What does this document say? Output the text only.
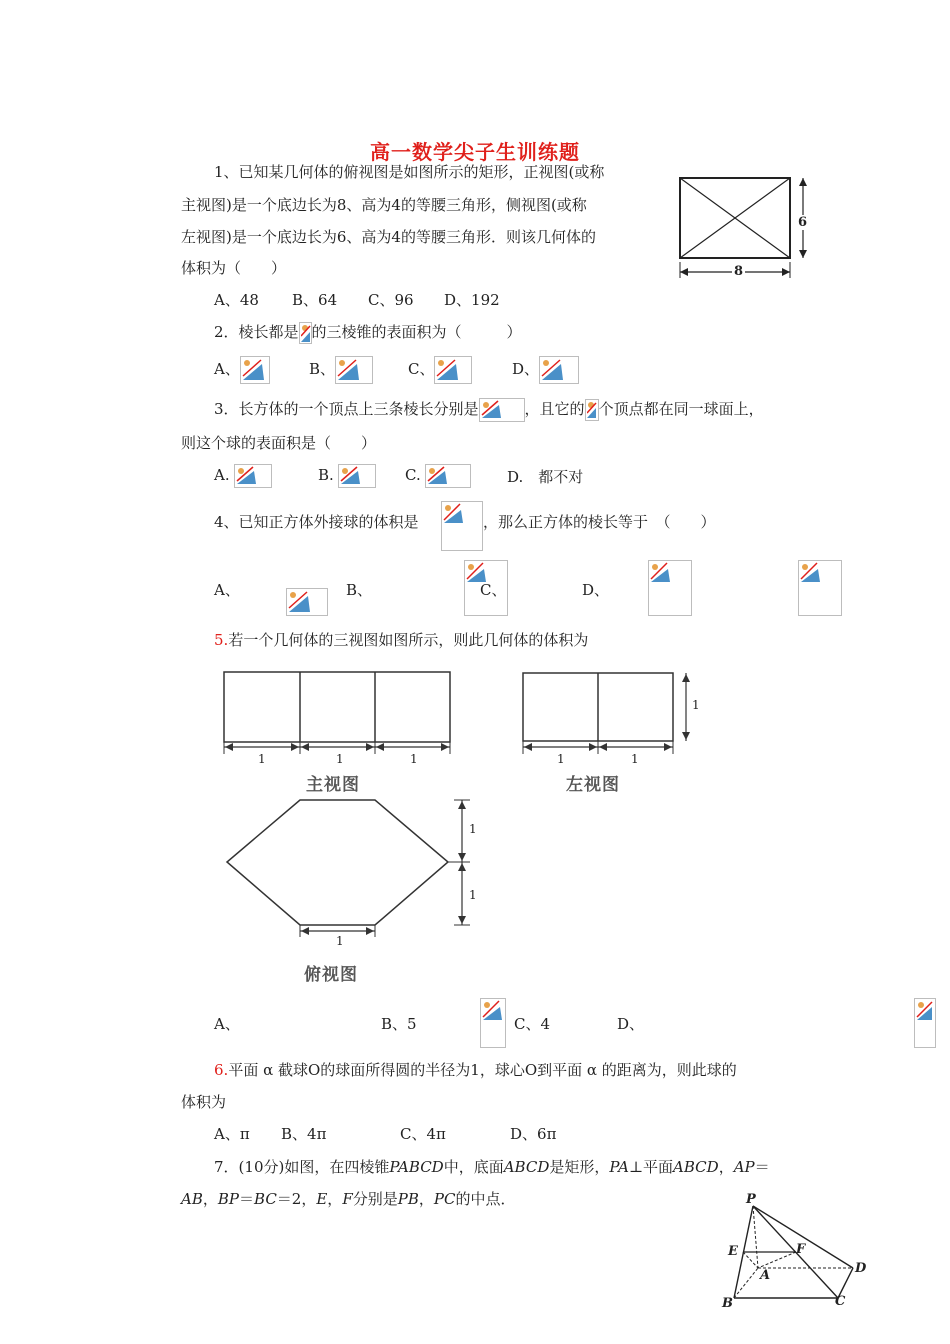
高一数学尖子生训练题
1、已知某几何体的俯视图是如图所示的矩形，正视图(或称
主视图)是一个底边长为8、高为4的等腰三角形，侧视图(或称
左视图)是一个底边长为6、高为4的等腰三角形．则该几何体的
体积为（　　）
A、48 B、64 C、96 D、192
6
8
2．棱长都是 的三棱锥的表面积为（　　　）
A、	B、	C、	D、
3．长方体的一个顶点上三条棱长分别是	，且它的 个顶点都在同一球面上，
则这个球的表面积是（　　）
A.	B.	C.	D.　都不对
4、已知正方体外接球的体积是
	，那么正方体的棱长等于　（　　）
A、
	B、
	C、
	D、

5.若一个几何体的三视图如图所示，则此几何体的体积为
1	1	1
主视图
1	1
1
左视图
1
1
1
俯视图
A、
	B、5	C、4	D、
6.平面 α 截球O的球面所得圆的半径为1，球心O到平面 α 的距离为，则此球的
体积为
A、π B、4π	C、4π	D、6π
7．(10分)如图，在四棱锥PABCD中，底面ABCD是矩形，PA⊥平面ABCD，AP＝
AB，BP＝BC＝2，E，F分别是PB，PC的中点．	P
E	F
A	D
B	C
